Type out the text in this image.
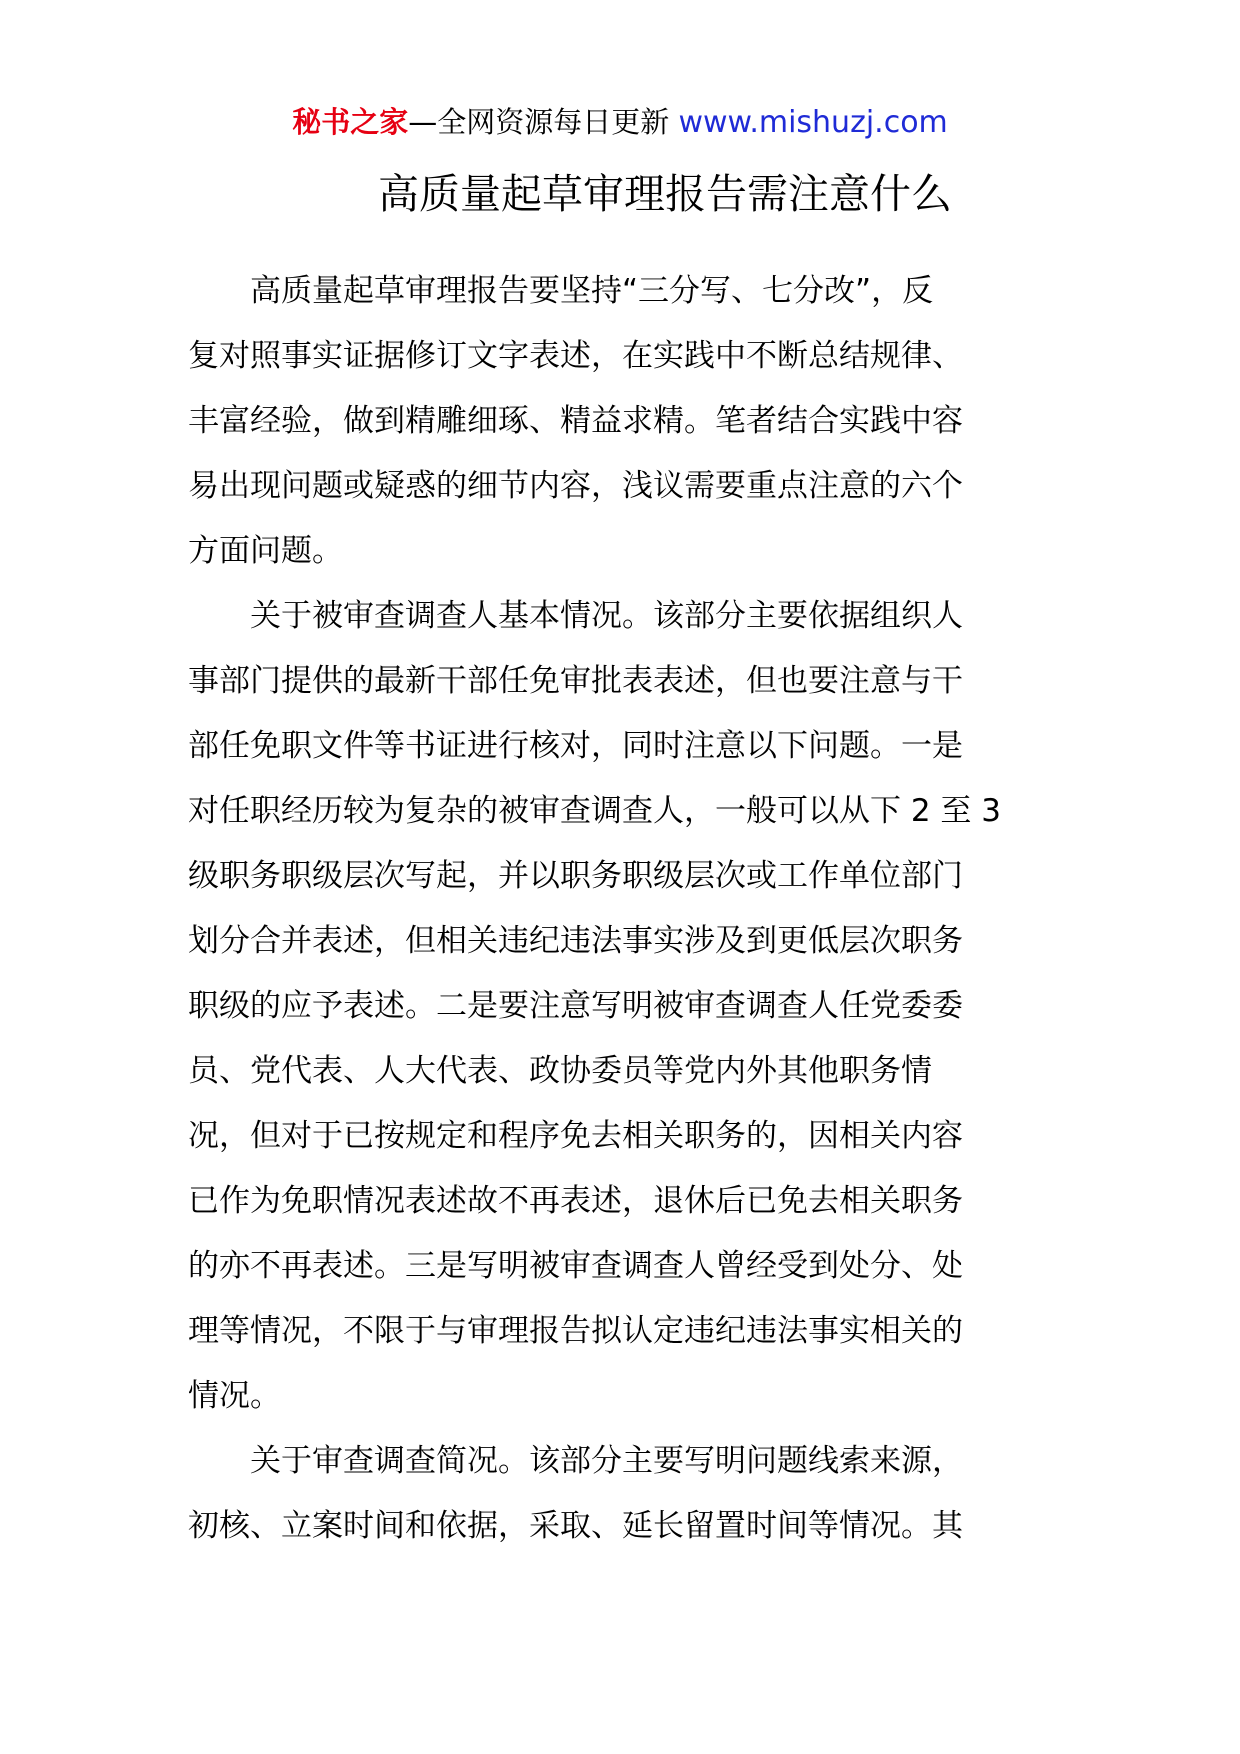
秘书之家—全网资源每日更新 www.mishuzj.com
高质量起草审理报告需注意什么

　　高质量起草审理报告要坚持“三分写、七分改”，反
复对照事实证据修订文字表述，在实践中不断总结规律、
丰富经验，做到精雕细琢、精益求精。笔者结合实践中容
易出现问题或疑惑的细节内容，浅议需要重点注意的六个
方面问题。

　　关于被审查调查人基本情况。该部分主要依据组织人
事部门提供的最新干部任免审批表表述，但也要注意与干
部任免职文件等书证进行核对，同时注意以下问题。一是
对任职经历较为复杂的被审查调查人，一般可以从下 2 至 3
级职务职级层次写起，并以职务职级层次或工作单位部门
划分合并表述，但相关违纪违法事实涉及到更低层次职务
职级的应予表述。二是要注意写明被审查调查人任党委委
员、党代表、人大代表、政协委员等党内外其他职务情
况，但对于已按规定和程序免去相关职务的，因相关内容
已作为免职情况表述故不再表述，退休后已免去相关职务
的亦不再表述。三是写明被审查调查人曾经受到处分、处
理等情况，不限于与审理报告拟认定违纪违法事实相关的
情况。

　　关于审查调查简况。该部分主要写明问题线索来源，
初核、立案时间和依据，采取、延长留置时间等情况。其
